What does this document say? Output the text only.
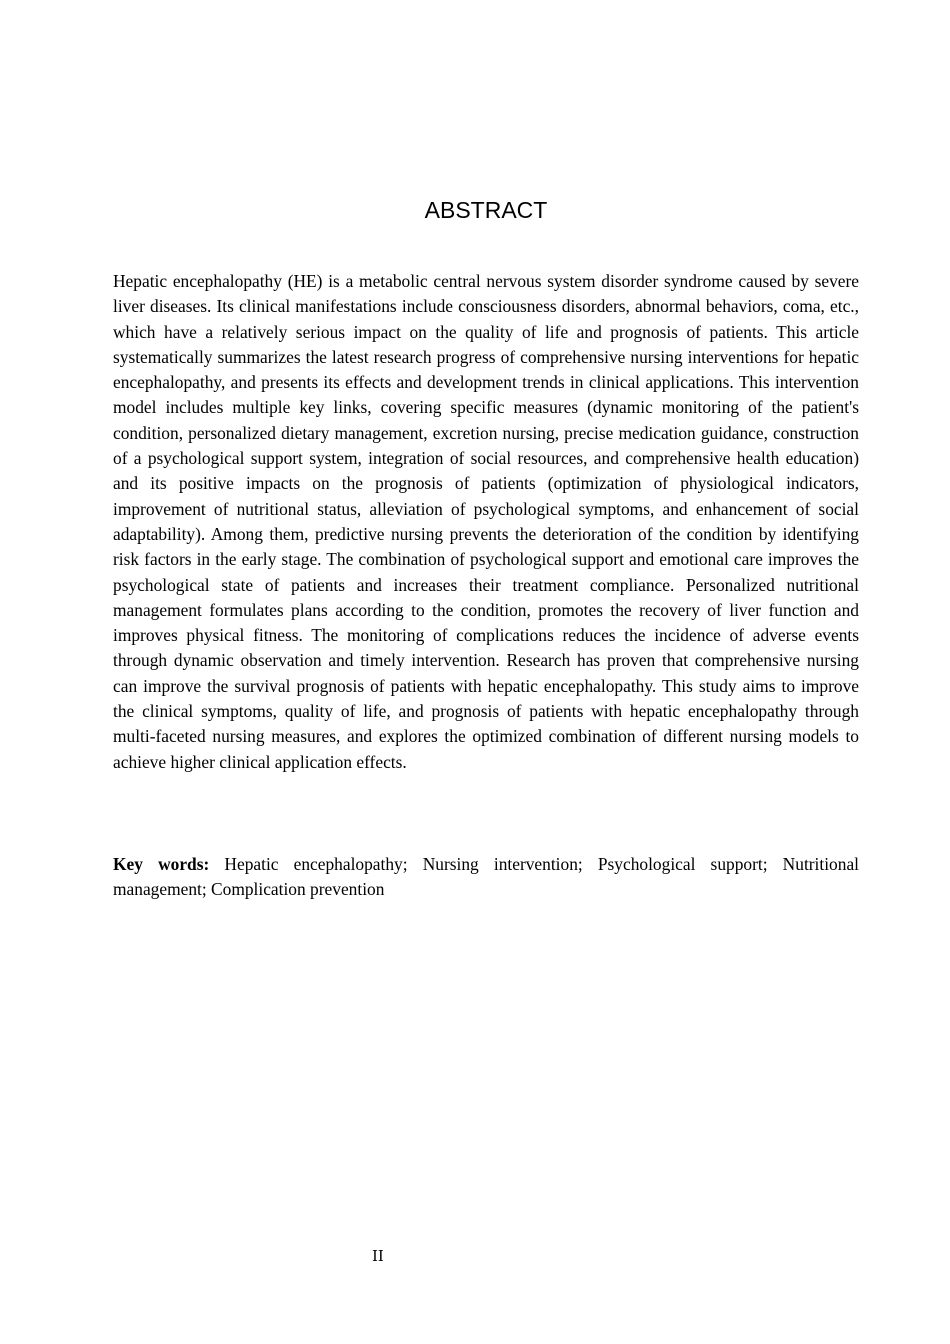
ABSTRACT

Hepatic encephalopathy (HE) is a metabolic central nervous system disorder syndrome caused by severe liver diseases. Its clinical manifestations include consciousness disorders, abnormal behaviors, coma, etc., which have a relatively serious impact on the quality of life and prognosis of patients. This article systematically summarizes the latest research progress of comprehensive nursing interventions for hepatic encephalopathy, and presents its effects and development trends in clinical applications. This intervention model includes multiple key links, covering specific measures (dynamic monitoring of the patient's condition, personalized dietary management, excretion nursing, precise medication guidance, construction of a psychological support system, integration of social resources, and comprehensive health education) and its positive impacts on the prognosis of patients (optimization of physiological indicators, improvement of nutritional status, alleviation of psychological symptoms, and enhancement of social adaptability). Among them, predictive nursing prevents the deterioration of the condition by identifying risk factors in the early stage. The combination of psychological support and emotional care improves the psychological state of patients and increases their treatment compliance. Personalized nutritional management formulates plans according to the condition, promotes the recovery of liver function and improves physical fitness. The monitoring of complications reduces the incidence of adverse events through dynamic observation and timely intervention. Research has proven that comprehensive nursing can improve the survival prognosis of patients with hepatic encephalopathy. This study aims to improve the clinical symptoms, quality of life, and prognosis of patients with hepatic encephalopathy through multi-faceted nursing measures, and explores the optimized combination of different nursing models to achieve higher clinical application effects.

Key words: Hepatic encephalopathy; Nursing intervention; Psychological support; Nutritional management; Complication prevention

II
